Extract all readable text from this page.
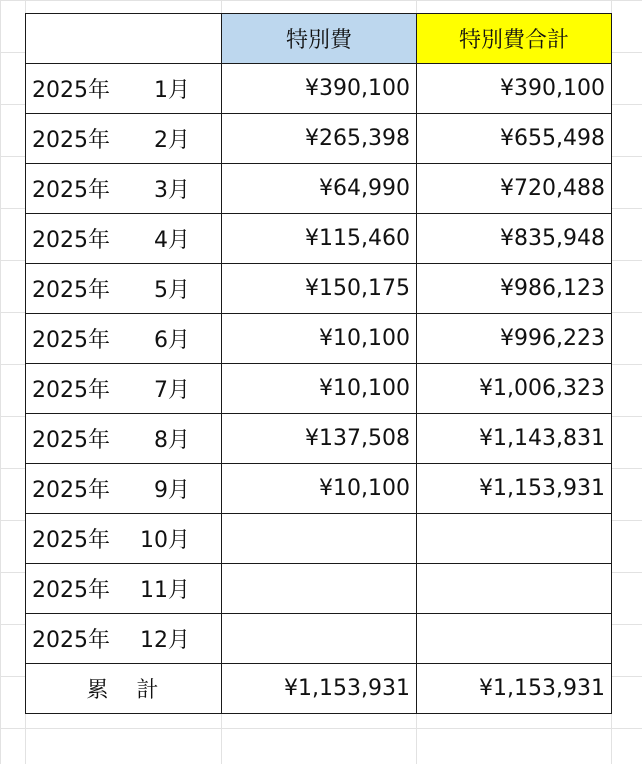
	特別費	特別費合計
2025年 1月	¥390,100	¥390,100
2025年 2月	¥265,398	¥655,498
2025年 3月	¥64,990	¥720,488
2025年 4月	¥115,460	¥835,948
2025年 5月	¥150,175	¥986,123
2025年 6月	¥10,100	¥996,223
2025年 7月	¥10,100	¥1,006,323
2025年 8月	¥137,508	¥1,143,831
2025年 9月	¥10,100	¥1,153,931
2025年 10月		
2025年 11月		
2025年 12月		
累 計	¥1,153,931	¥1,153,931
